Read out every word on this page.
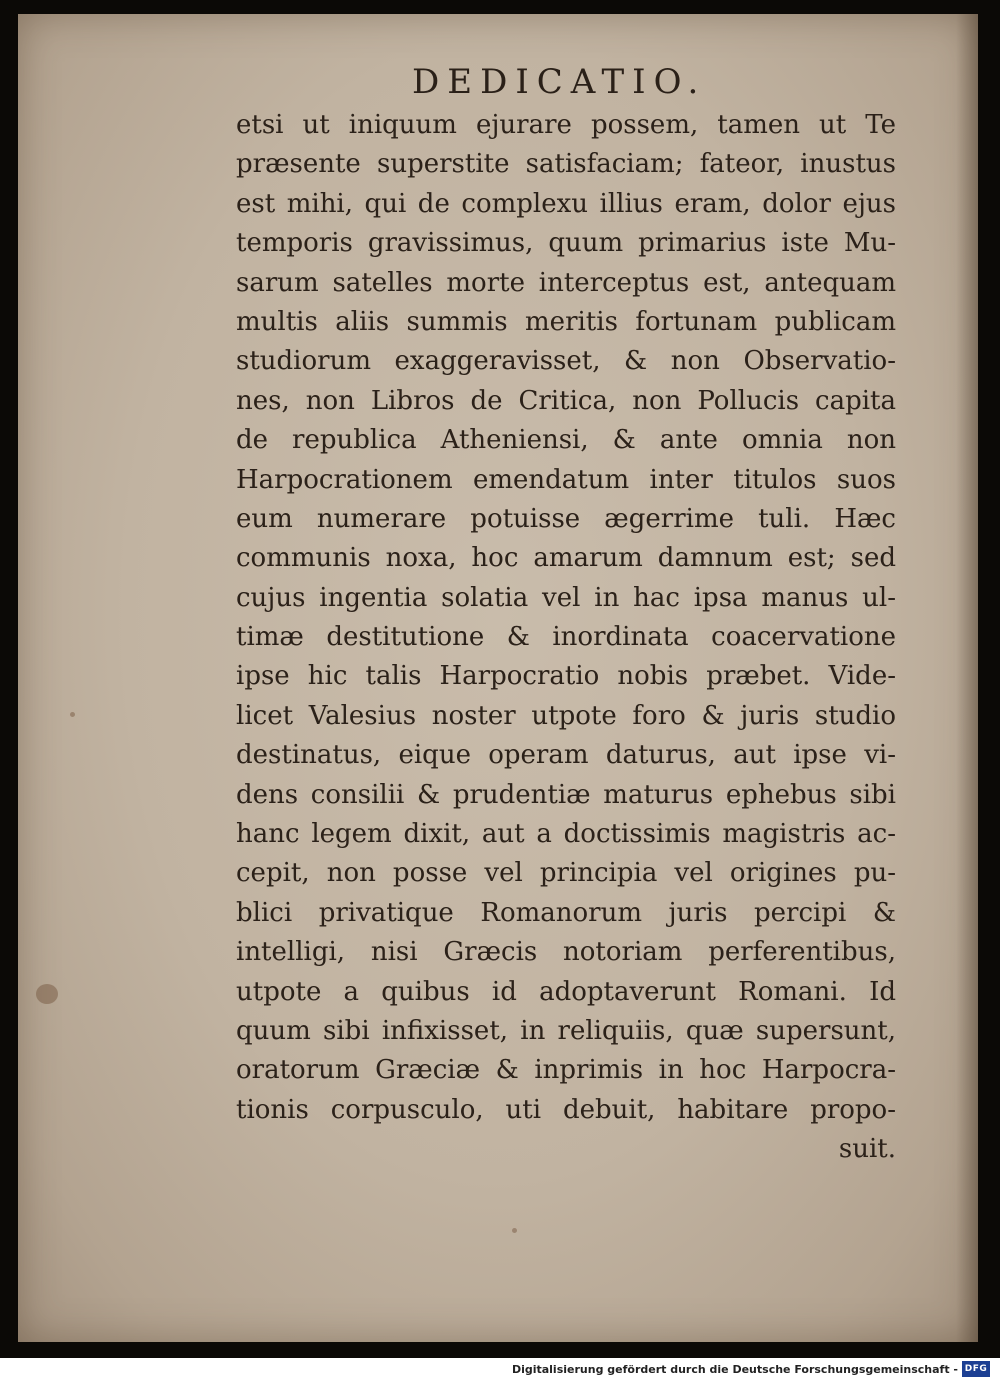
DEDICATIO.
etsi ut iniquum ejurare possem, tamen ut Te
præsente superstite satisfaciam; fateor, inustus
est mihi, qui de complexu illius eram, dolor ejus
temporis gravissimus, quum primarius iste Mu-
sarum satelles morte interceptus est, antequam
multis aliis summis meritis fortunam publicam
studiorum exaggeravisset, & non Observatio-
nes, non Libros de Critica, non Pollucis capita
de republica Atheniensi, & ante omnia non
Harpocrationem emendatum inter titulos suos
eum numerare potuisse ægerrime tuli. Hæc
communis noxa, hoc amarum damnum est; sed
cujus ingentia solatia vel in hac ipsa manus ul-
timæ destitutione & inordinata coacervatione
ipse hic talis Harpocratio nobis præbet. Vide-
licet Valesius noster utpote foro & juris studio
destinatus, eique operam daturus, aut ipse vi-
dens consilii & prudentiæ maturus ephebus sibi
hanc legem dixit, aut a doctissimis magistris ac-
cepit, non posse vel principia vel origines pu-
blici privatique Romanorum juris percipi &
intelligi, nisi Græcis notoriam perferentibus,
utpote a quibus id adoptaverunt Romani. Id
quum sibi infixisset, in reliquiis, quæ supersunt,
oratorum Græciæ & inprimis in hoc Harpocra-
tionis corpusculo, uti debuit, habitare propo-
suit.
Digitalisierung gefördert durch die Deutsche Forschungsgemeinschaft - DFG
